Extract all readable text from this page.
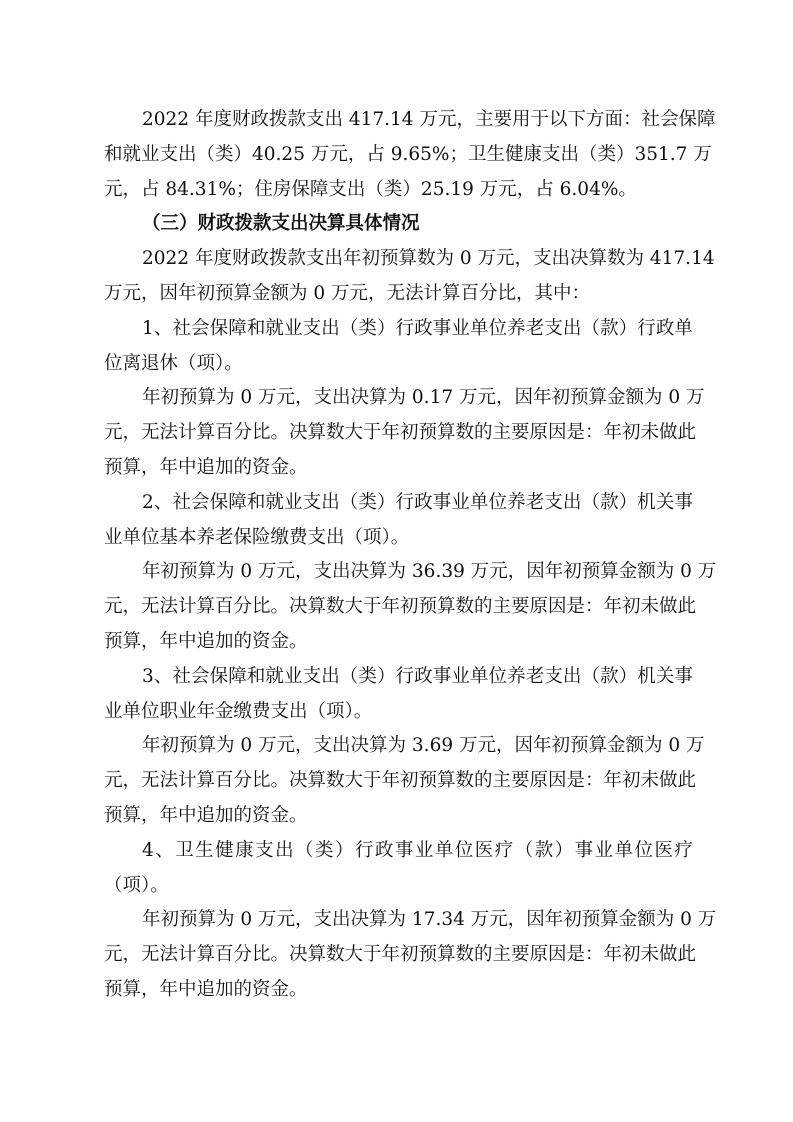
2022 年度财政拨款支出 417.14 万元，主要用于以下方面：社会保障
和就业支出（类）40.25 万元，占 9.65%；卫生健康支出（类）351.7 万
元，占 84.31%；住房保障支出（类）25.19 万元，占 6.04%。
（三）财政拨款支出决算具体情况
2022 年度财政拨款支出年初预算数为 0 万元，支出决算数为 417.14
万元，因年初预算金额为 0 万元，无法计算百分比，其中：
1、社会保障和就业支出（类）行政事业单位养老支出（款）行政单
位离退休（项）。
年初预算为 0 万元，支出决算为 0.17 万元，因年初预算金额为 0 万
元，无法计算百分比。决算数大于年初预算数的主要原因是：年初未做此
预算，年中追加的资金。
2、社会保障和就业支出（类）行政事业单位养老支出（款）机关事
业单位基本养老保险缴费支出（项）。
年初预算为 0 万元，支出决算为 36.39 万元，因年初预算金额为 0 万
元，无法计算百分比。决算数大于年初预算数的主要原因是：年初未做此
预算，年中追加的资金。
3、社会保障和就业支出（类）行政事业单位养老支出（款）机关事
业单位职业年金缴费支出（项）。
年初预算为 0 万元，支出决算为 3.69 万元，因年初预算金额为 0 万
元，无法计算百分比。决算数大于年初预算数的主要原因是：年初未做此
预算，年中追加的资金。
4、卫生健康支出（类）行政事业单位医疗（款）事业单位医疗
（项）。
年初预算为 0 万元，支出决算为 17.34 万元，因年初预算金额为 0 万
元，无法计算百分比。决算数大于年初预算数的主要原因是：年初未做此
预算，年中追加的资金。
